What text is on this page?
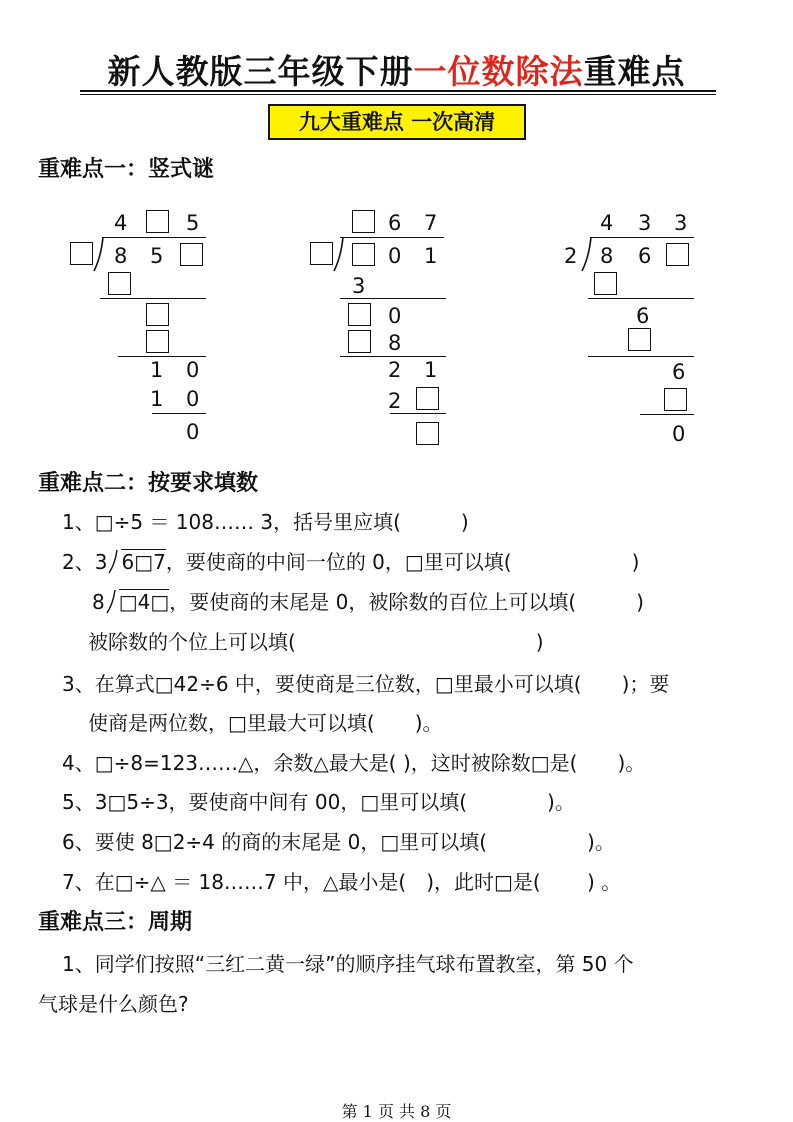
新人教版三年级下册一位数除法重难点
九大重难点 一次高清
重难点一：竖式谜
4	5
8 5
1 0
1 0
0
6 7
0 1
3
0
8
2 1
2
4 3 3
2 8 6
6
6
0
重难点二：按要求填数
1、□÷5 ＝ 108…… 3，括号里应填(　　　)
2、3 6□7，要使商的中间一位的 0，□里可以填(　　　　　　)
8 □4□，要使商的末尾是 0，被除数的百位上可以填(　　　)
被除数的个位上可以填(　　　　　　　　　　　　)
3、在算式□42÷6 中，要使商是三位数，□里最小可以填(　　)；要
使商是两位数，□里最大可以填(　　)。
4、□÷8=123……△，余数△最大是( )，这时被除数□是(　　)。
5、3□5÷3，要使商中间有 00，□里可以填(　　　　)。
6、要使 8□2÷4 的商的末尾是 0，□里可以填(　　　　　)。
7、在□÷△ ＝ 18……7 中，△最小是(　)，此时□是(　　 ) 。
重难点三：周期
1、同学们按照“三红二黄一绿”的顺序挂气球布置教室，第 50 个
气球是什么颜色?
第 1 页 共 8 页
